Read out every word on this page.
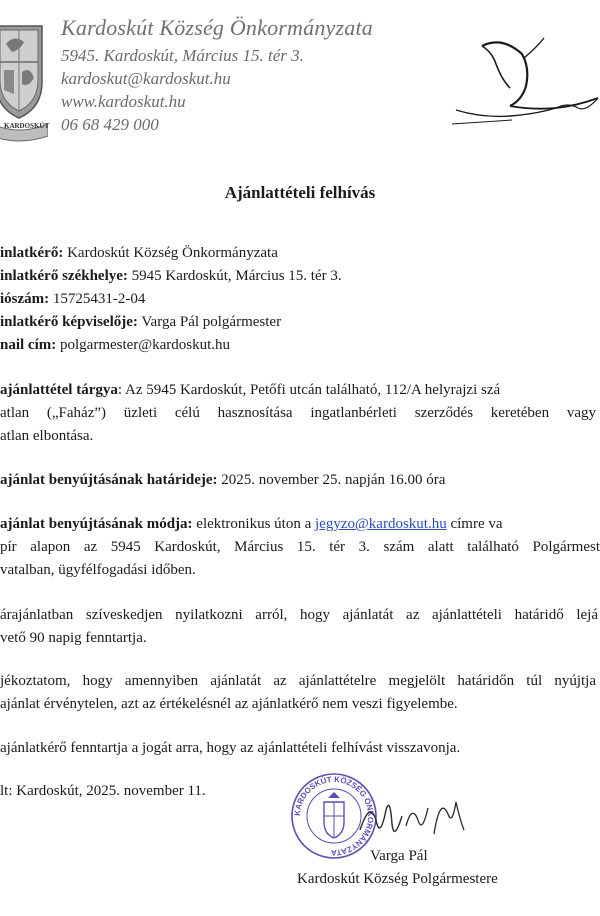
KARDOSKÚT
Kardoskút Község Önkormányzata
5945. Kardoskút, Március 15. tér 3.
kardoskut@kardoskut.hu
www.kardoskut.hu
06 68 429 000
Ajánlattételi felhívás
inlatkérő: Kardoskút Község Önkormányzata
inlatkérő székhelye: 5945 Kardoskút, Március 15. tér 3.
iószám: 15725431-2-04
inlatkérő képviselője: Varga Pál polgármester
nail cím: polgarmester@kardoskut.hu
ajánlattétel tárgya: Az 5945 Kardoskút, Petőfi utcán található, 112/A helyrajzi szá
atlan („Faház”) üzleti célú hasznosítása ingatlanbérleti szerződés keretében vagy
atlan elbontása.
ajánlat benyújtásának határideje: 2025. november 25. napján 16.00 óra
ajánlat benyújtásának módja: elektronikus úton a jegyzo@kardoskut.hu címre va
pír alapon az 5945 Kardoskút, Március 15. tér 3. szám alatt található Polgármest
vatalban, ügyfélfogadási időben.
árajánlatban szíveskedjen nyilatkozni arról, hogy ajánlatát az ajánlattételi határidő lejá
vető 90 napig fenntartja.
jékoztatom, hogy amennyiben ajánlatát az ajánlattételre megjelölt határidőn túl nyújtja
ajánlat érvénytelen, azt az értékelésnél az ajánlatkérő nem veszi figyelembe.
ajánlatkérő fenntartja a jogát arra, hogy az ajánlattételi felhívást visszavonja.
lt: Kardoskút, 2025. november 11.
KARDOSKÚT KÖZSÉG ÖNKORMÁNYZATA	Varga Pál
Kardoskút Község Polgármestere
